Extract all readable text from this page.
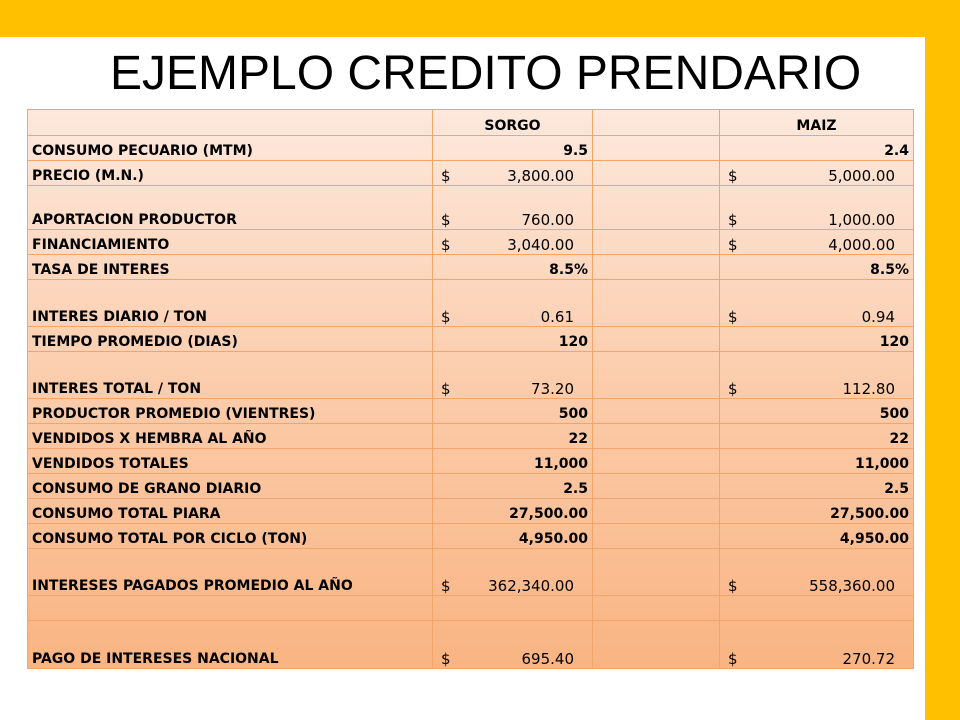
EJEMPLO CREDITO PRENDARIO
	SORGO		MAIZ
CONSUMO PECUARIO (MTM)	9.5		2.4
PRECIO (M.N.)	$ 3,800.00		$ 5,000.00

APORTACION PRODUCTOR	$ 760.00		$ 1,000.00

FINANCIAMIENTO	$ 3,040.00		$ 4,000.00

TASA DE INTERES	8.5%		8.5%
INTERES DIARIO / TON	$ 0.61		$ 0.94

TIEMPO PROMEDIO (DIAS)	120		120
INTERES TOTAL / TON	$ 73.20		$ 112.80

PRODUCTOR PROMEDIO (VIENTRES)	500		500
VENDIDOS X HEMBRA AL AÑO	22		22
VENDIDOS TOTALES	11,000		11,000
CONSUMO DE GRANO DIARIO	2.5		2.5
CONSUMO TOTAL PIARA	27,500.00		27,500.00
CONSUMO TOTAL POR CICLO (TON)	4,950.00		4,950.00
INTERESES PAGADOS PROMEDIO AL AÑO	$ 362,340.00		$ 558,360.00

PAGO DE INTERESES NACIONAL	$ 695.40		$ 270.72
